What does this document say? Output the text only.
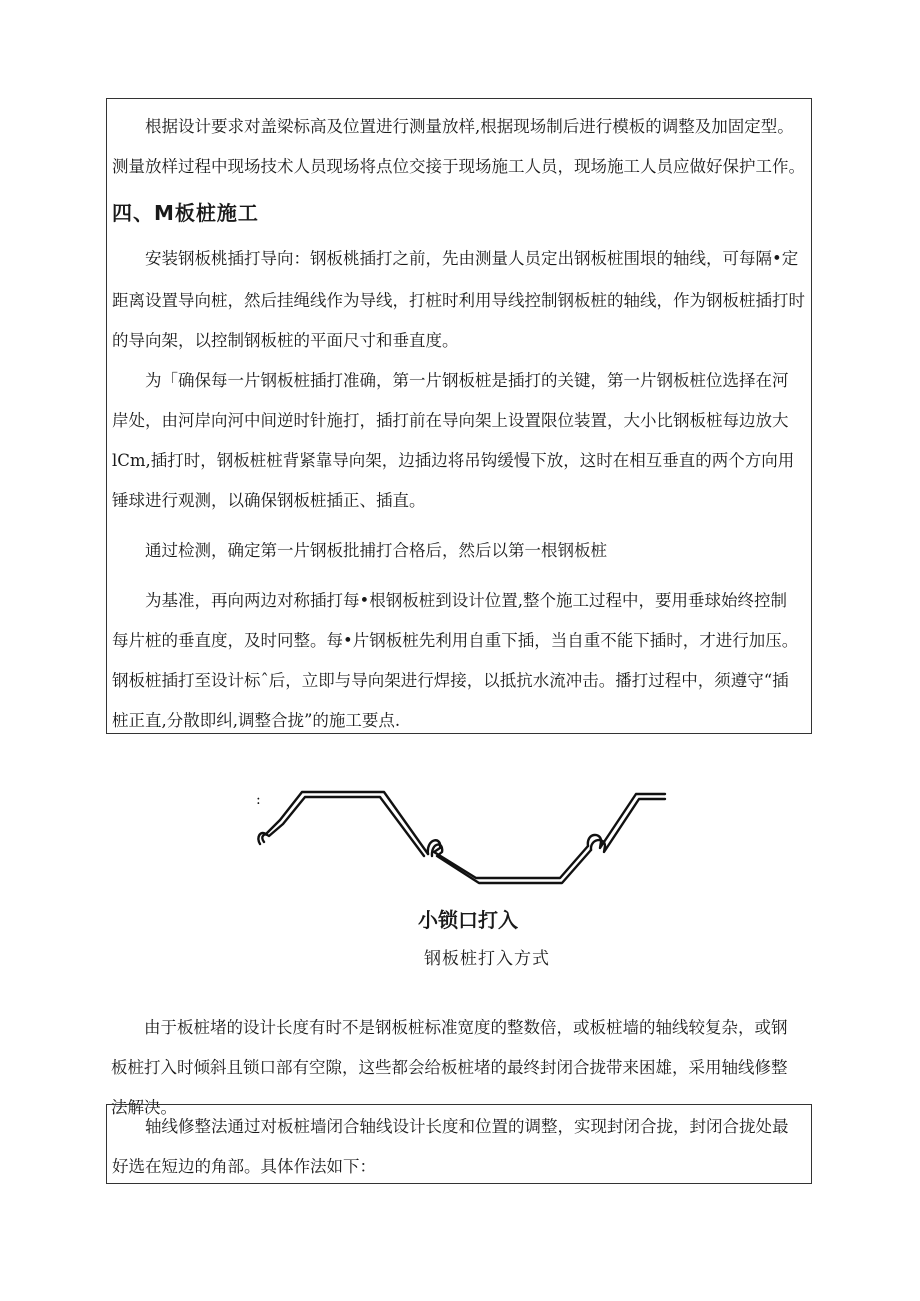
根据设计要求对盖梁标高及位置进行测量放样,根据现场制后进行模板的调整及加固定型。
测量放样过程中现场技术人员现场将点位交接于现场施工人员，现场施工人员应做好保护工作。
四、M板桩施工
安装钢板桃插打导向：钢板桃插打之前，先由测量人员定出钢板桩围垠的轴线，可每隔•定
距离设置导向桩，然后挂绳线作为导线，打桩时利用导线控制钢板桩的轴线，作为钢板桩插打时
的导向架，以控制钢板桩的平面尺寸和垂直度。
为「确保每一片钢板桩插打准确，第一片钢板桩是插打的关键，第一片钢板桩位选择在河
岸处，由河岸向河中间逆时针施打，插打前在导向架上设置限位装置，大小比钢板桩每边放大
lCm,插打时，钢板桩桩背紧靠导向架，边插边将吊钩缓慢下放，这时在相互垂直的两个方向用
锤球进行观测，以确保钢板桩插正、插直。
通过检测，确定第一片钢板批捕打合格后，然后以第一根钢板桩
为基准，再向两边对称插打每•根钢板桩到设计位置,整个施工过程中，要用垂球始终控制
每片桩的垂直度，及时冋整。每•片钢板桩先利用自重下插，当自重不能下插时，才进行加压。
钢板桩插打至设计标ˆ后，立即与导向架进行焊接，以抵抗水流冲击。播打过程中，须遵守“插
桩正直,分散即纠,调整合拢”的施工要点.
:
小锁口打入
钢板桩打入方式
由于板桩堵的设计长度有时不是钢板桩标准宽度的整数倍，或板桩墙的轴线较复杂，或钢
板桩打入时倾斜且锁口部有空隙，这些都会给板桩堵的最终封闭合拢带来困雄，采用轴线修整
法解决。
轴线修整法通过对板桩墙闭合轴线设计长度和位置的调整，实现封闭合拢，封闭合拢处最
好选在短边的角部。具体作法如下：
